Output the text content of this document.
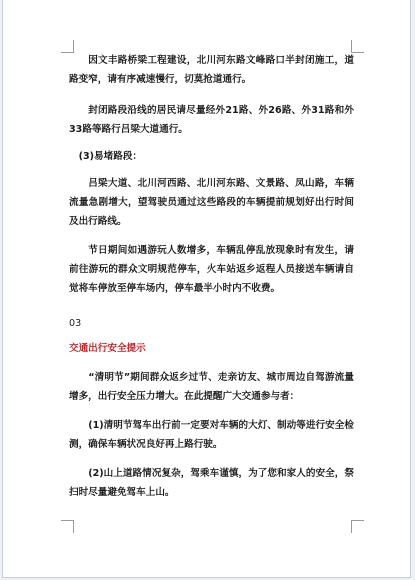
因文丰路桥梁工程建设，北川河东路文峰路口半封闭施工，道路变窄，请有序减速慢行，切莫抢道通行。

封闭路段沿线的居民请尽量经外21路、外26路、外31路和外33路等路行吕梁大道通行。

(3)易堵路段：

吕梁大道、北川河西路、北川河东路、文景路、凤山路，车辆流量急剧增大，望驾驶员通过这些路段的车辆提前规划好出行时间及出行路线。

节日期间如遇游玩人数增多，车辆乱停乱放现象时有发生，请前往游玩的群众文明规范停车，火车站返乡返程人员接送车辆请自觉将车停放至停车场内，停车最半小时内不收费。

03
交通出行安全提示

“清明节”期间群众返乡过节、走亲访友、城市周边自驾游流量增多，出行安全压力增大。在此提醒广大交通参与者：

(1)清明节驾车出行前一定要对车辆的大灯、制动等进行安全检测，确保车辆状况良好再上路行驶。

(2)山上道路情况复杂，驾乘车谨慎，为了您和家人的安全，祭扫时尽量避免驾车上山。
